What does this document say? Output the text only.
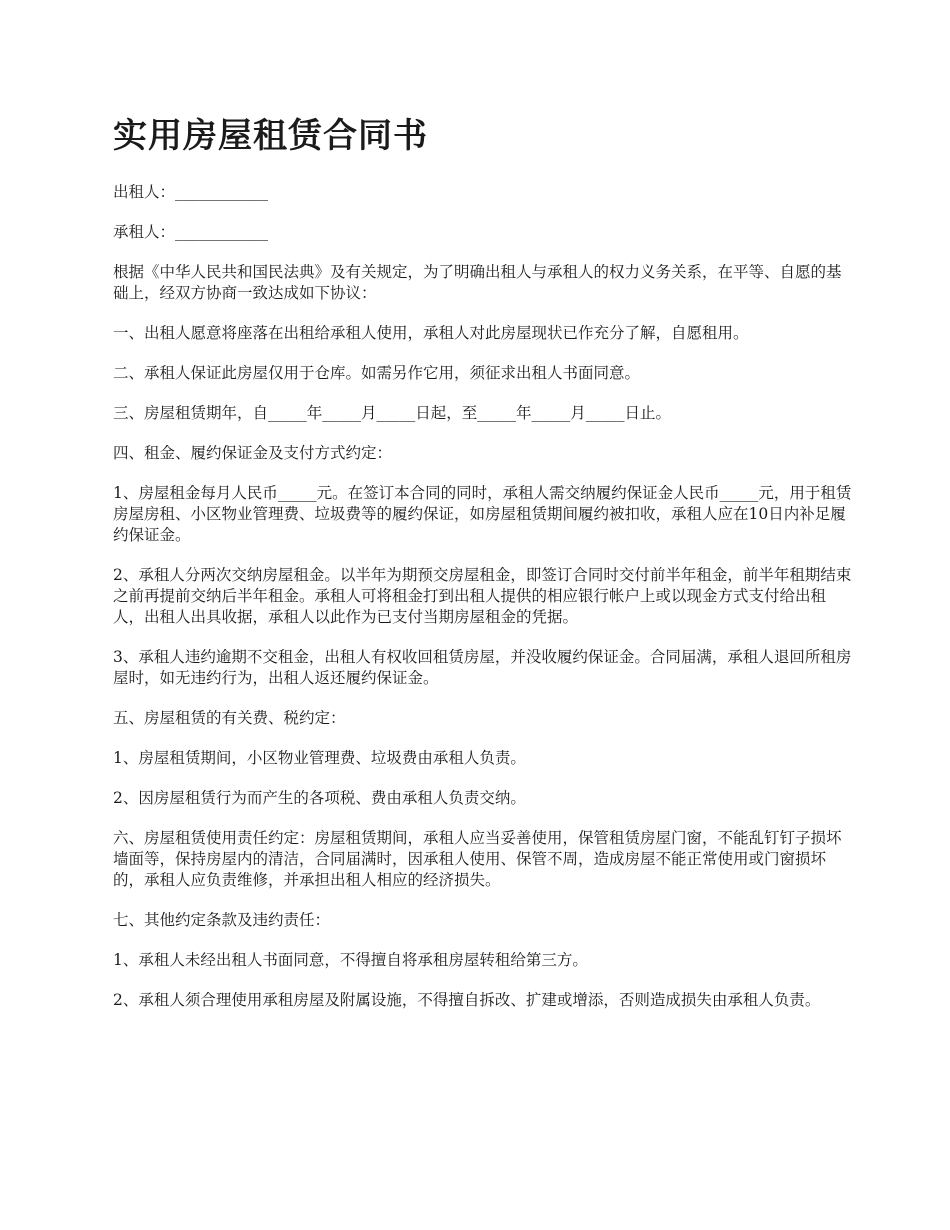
实用房屋租赁合同书

出租人：____________

承租人：____________

根据《中华人民共和国民法典》及有关规定，为了明确出租人与承租人的权力义务关系，在平等、自愿的基础上，经双方协商一致达成如下协议：

一、出租人愿意将座落在出租给承租人使用，承租人对此房屋现状已作充分了解，自愿租用。

二、承租人保证此房屋仅用于仓库。如需另作它用，须征求出租人书面同意。

三、房屋租赁期年，自_____年_____月_____日起，至_____年_____月_____日止。

四、租金、履约保证金及支付方式约定：

1、房屋租金每月人民币_____元。在签订本合同的同时，承租人需交纳履约保证金人民币_____元，用于租赁房屋房租、小区物业管理费、垃圾费等的履约保证，如房屋租赁期间履约被扣收，承租人应在10日内补足履约保证金。

2、承租人分两次交纳房屋租金。以半年为期预交房屋租金，即签订合同时交付前半年租金，前半年租期结束之前再提前交纳后半年租金。承租人可将租金打到出租人提供的相应银行帐户上或以现金方式支付给出租人，出租人出具收据，承租人以此作为已支付当期房屋租金的凭据。

3、承租人违约逾期不交租金，出租人有权收回租赁房屋，并没收履约保证金。合同届满，承租人退回所租房屋时，如无违约行为，出租人返还履约保证金。

五、房屋租赁的有关费、税约定：

1、房屋租赁期间，小区物业管理费、垃圾费由承租人负责。

2、因房屋租赁行为而产生的各项税、费由承租人负责交纳。

六、房屋租赁使用责任约定：房屋租赁期间，承租人应当妥善使用，保管租赁房屋门窗，不能乱钉钉子损坏墙面等，保持房屋内的清洁，合同届满时，因承租人使用、保管不周，造成房屋不能正常使用或门窗损坏的，承租人应负责维修，并承担出租人相应的经济损失。

七、其他约定条款及违约责任：

1、承租人未经出租人书面同意，不得擅自将承租房屋转租给第三方。

2、承租人须合理使用承租房屋及附属设施，不得擅自拆改、扩建或增添，否则造成损失由承租人负责。
